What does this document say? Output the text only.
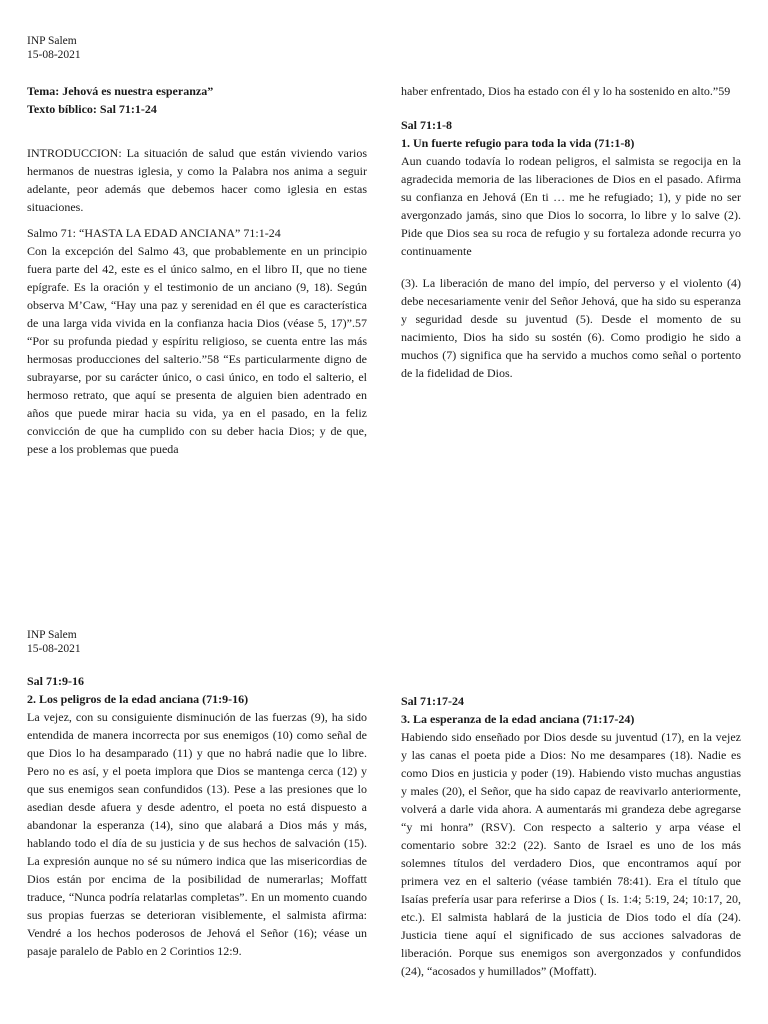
INP Salem
15-08-2021

Tema: Jehová es nuestra esperanza”

Texto bíblico: Sal 71:1-24

INTRODUCCION: La situación de salud que están viviendo varios hermanos de nuestras iglesia, y como la Palabra nos anima a seguir adelante, peor además que debemos hacer como iglesia en estas situaciones.

Salmo 71: “HASTA LA EDAD ANCIANA” 71:1-24

Con la excepción del Salmo 43, que probablemente en un principio fuera parte del 42, este es el único salmo, en el libro II, que no tiene epígrafe. Es la oración y el testimonio de un anciano (9, 18). Según observa M’Caw, “Hay una paz y serenidad en él que es característica de una larga vida vivida en la confianza hacia Dios (véase 5, 17)”.57 “Por su profunda piedad y espíritu religioso, se cuenta entre las más hermosas producciones del salterio.”58 “Es particularmente digno de subrayarse, por su carácter único, o casi único, en todo el salterio, el hermoso retrato, que aquí se presenta de alguien bien adentrado en años que puede mirar hacia su vida, ya en el pasado, en la feliz convicción de que ha cumplido con su deber hacia Dios; y de que, pese a los problemas que pueda

haber enfrentado, Dios ha estado con él y lo ha sostenido en alto.”59

Sal 71:1-8

1. Un fuerte refugio para toda la vida (71:1-8)

Aun cuando todavía lo rodean peligros, el salmista se regocija en la agradecida memoria de las liberaciones de Dios en el pasado. Afirma su confianza en Jehová (En ti … me he refugiado; 1), y pide no ser avergonzado jamás, sino que Dios lo socorra, lo libre y lo salve (2). Pide que Dios sea su roca de refugio y su fortaleza adonde recurra yo continuamente

(3). La liberación de mano del impío, del perverso y el violento (4) debe necesariamente venir del Señor Jehová, que ha sido su esperanza y seguridad desde su juventud (5). Desde el momento de su nacimiento, Dios ha sido su sostén (6). Como prodigio he sido a muchos (7) significa que ha servido a muchos como señal o portento de la fidelidad de Dios.

INP Salem
15-08-2021

Sal 71:9-16

2. Los peligros de la edad anciana (71:9-16)

La vejez, con su consiguiente disminución de las fuerzas (9), ha sido entendida de manera incorrecta por sus enemigos (10) como señal de que Dios lo ha desamparado (11) y que no habrá nadie que lo libre. Pero no es así, y el poeta implora que Dios se mantenga cerca (12) y que sus enemigos sean confundidos (13). Pese a las presiones que lo asedian desde afuera y desde adentro, el poeta no está dispuesto a abandonar la esperanza (14), sino que alabará a Dios más y más, hablando todo el día de su justicia y de sus hechos de salvación (15). La expresión aunque no sé su número indica que las misericordias de Dios están por encima de la posibilidad de numerarlas; Moffatt traduce, “Nunca podría relatarlas completas”. En un momento cuando sus propias fuerzas se deterioran visiblemente, el salmista afirma: Vendré a los hechos poderosos de Jehová el Señor (16); véase un pasaje paralelo de Pablo en 2 Corintios 12:9.

Sal 71:17-24

3. La esperanza de la edad anciana (71:17-24)

Habiendo sido enseñado por Dios desde su juventud (17), en la vejez y las canas el poeta pide a Dios: No me desampares (18). Nadie es como Dios en justicia y poder (19). Habiendo visto muchas angustias y males (20), el Señor, que ha sido capaz de reavivarlo anteriormente, volverá a darle vida ahora. A aumentarás mi grandeza debe agregarse “y mi honra” (RSV). Con respecto a salterio y arpa véase el comentario sobre 32:2 (22). Santo de Israel es uno de los más solemnes títulos del verdadero Dios, que encontramos aquí por primera vez en el salterio (véase también 78:41). Era el título que Isaías prefería usar para referirse a Dios ( Is. 1:4; 5:19, 24; 10:17, 20, etc.). El salmista hablará de la justicia de Dios todo el día (24). Justicia tiene aquí el significado de sus acciones salvadoras de liberación. Porque sus enemigos son avergonzados y confundidos (24), “acosados y humillados” (Moffatt).
